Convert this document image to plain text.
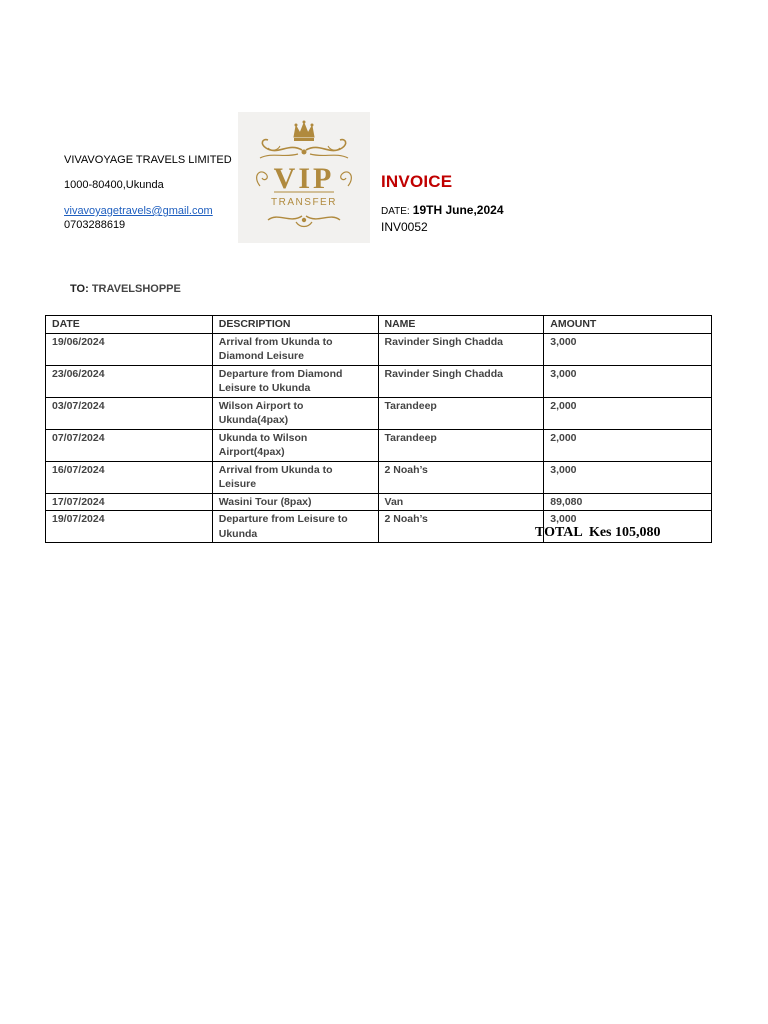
VIVAVOYAGE TRAVELS LIMITED
1000-80400,Ukunda
vivavoyagetravels@gmail.com
0703288619
VIP
TRANSFER
INVOICE
DATE: 19TH June,2024
INV0052
TO: TRAVELSHOPPE
DATE	DESCRIPTION	NAME	AMOUNT
19/06/2024	Arrival from Ukunda to Diamond Leisure	Ravinder Singh Chadda	3,000
23/06/2024	Departure from Diamond Leisure to Ukunda	Ravinder Singh Chadda	3,000
03/07/2024	Wilson Airport to Ukunda(4pax)	Tarandeep	2,000
07/07/2024	Ukunda to Wilson Airport(4pax)	Tarandeep	2,000
16/07/2024	Arrival from Ukunda to Leisure	2 Noah’s	3,000
17/07/2024	Wasini Tour (8pax)	Van	89,080
19/07/2024	Departure from Leisure to Ukunda	2 Noah’s	3,000
TOTAL Kes 105,080
